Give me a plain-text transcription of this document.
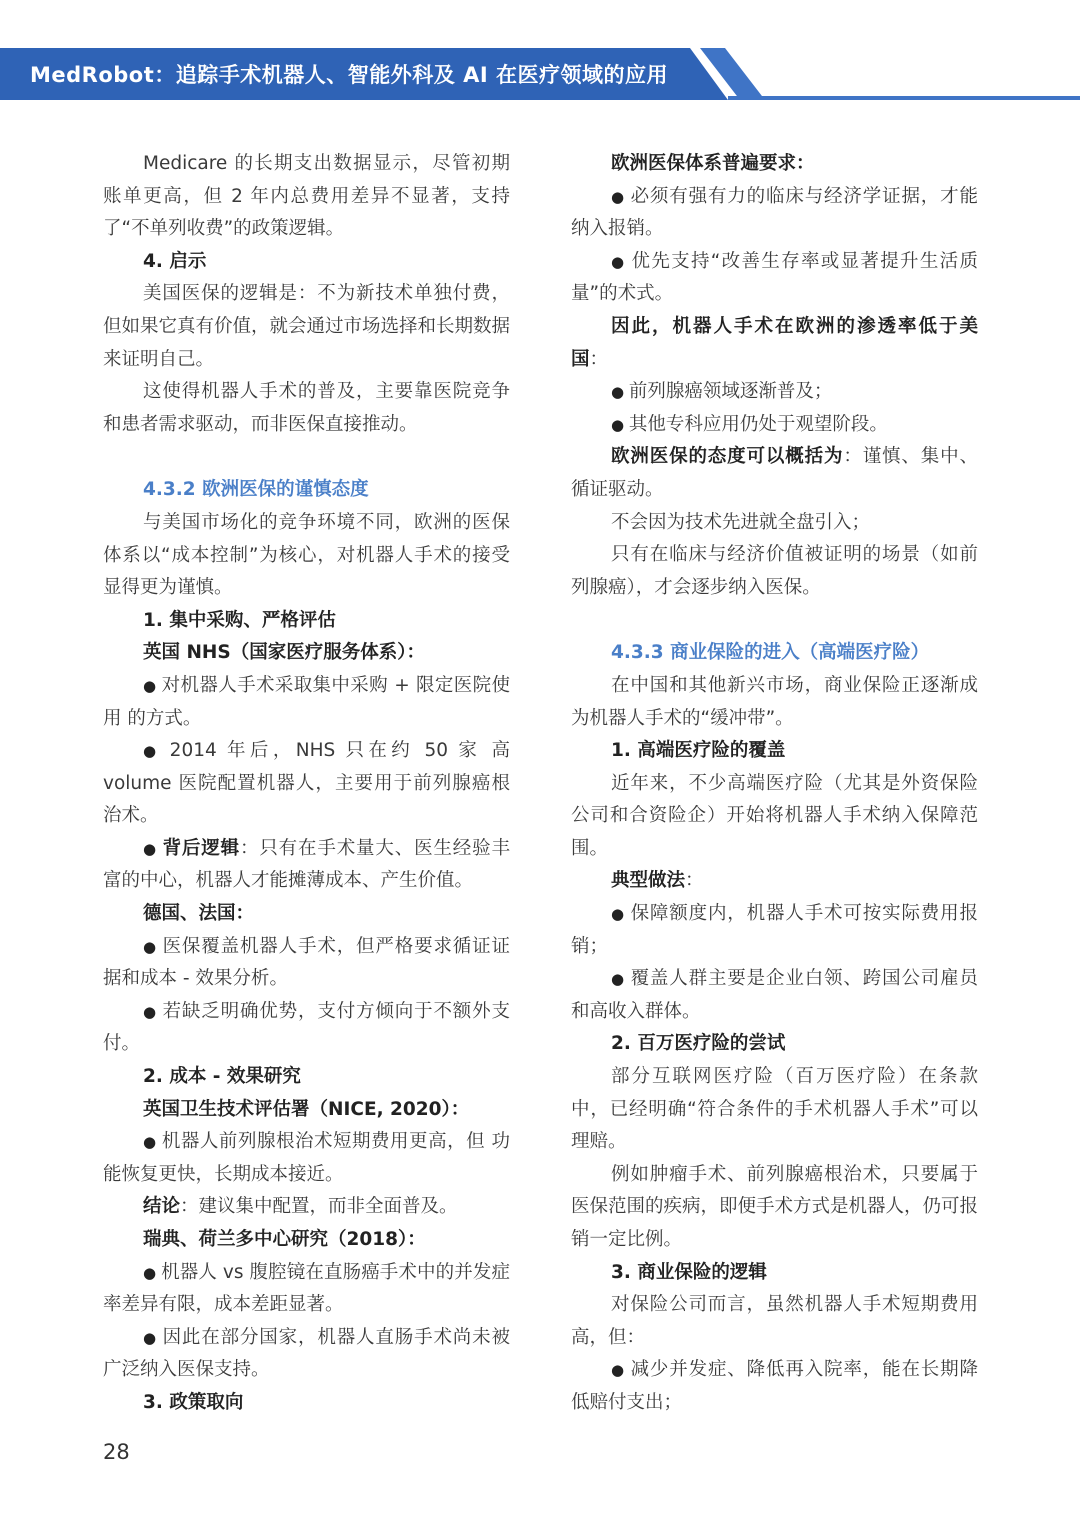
MedRobot：追踪手术机器人、智能外科及 AI 在医疗领域的应用

Medicare 的长期支出数据显示，尽管初期账单更高，但 2 年内总费用差异不显著，支持了“不单列收费”的政策逻辑。

4. 启示

美国医保的逻辑是：不为新技术单独付费，但如果它真有价值，就会通过市场选择和长期数据来证明自己。

这使得机器人手术的普及，主要靠医院竞争和患者需求驱动，而非医保直接推动。

4.3.2 欧洲医保的谨慎态度

与美国市场化的竞争环境不同，欧洲的医保体系以“成本控制”为核心，对机器人手术的接受显得更为谨慎。

1. 集中采购、严格评估

英国 NHS（国家医疗服务体系）：

● 对机器人手术采取集中采购 + 限定医院使用 的方式。

● 2014 年后，NHS 只在约 50 家 高 volume 医院配置机器人，主要用于前列腺癌根治术。

● 背后逻辑：只有在手术量大、医生经验丰富的中心，机器人才能摊薄成本、产生价值。

德国、法国：

● 医保覆盖机器人手术，但严格要求循证证据和成本 - 效果分析。

● 若缺乏明确优势，支付方倾向于不额外支付。

2. 成本 - 效果研究

英国卫生技术评估署（NICE, 2020）：

● 机器人前列腺根治术短期费用更高，但 功能恢复更快，长期成本接近。

结论：建议集中配置，而非全面普及。

瑞典、荷兰多中心研究（2018）：

● 机器人 vs 腹腔镜在直肠癌手术中的并发症率差异有限，成本差距显著。

● 因此在部分国家，机器人直肠手术尚未被广泛纳入医保支持。

3. 政策取向

欧洲医保体系普遍要求：

● 必须有强有力的临床与经济学证据，才能纳入报销。

● 优先支持“改善生存率或显著提升生活质量”的术式。

因此，机器人手术在欧洲的渗透率低于美国：

● 前列腺癌领域逐渐普及；

● 其他专科应用仍处于观望阶段。

欧洲医保的态度可以概括为：谨慎、集中、循证驱动。

不会因为技术先进就全盘引入；

只有在临床与经济价值被证明的场景（如前列腺癌），才会逐步纳入医保。

4.3.3 商业保险的进入（高端医疗险）

在中国和其他新兴市场，商业保险正逐渐成为机器人手术的“缓冲带”。

1. 高端医疗险的覆盖

近年来，不少高端医疗险（尤其是外资保险公司和合资险企）开始将机器人手术纳入保障范围。

典型做法：

● 保障额度内，机器人手术可按实际费用报销；

● 覆盖人群主要是企业白领、跨国公司雇员和高收入群体。

2. 百万医疗险的尝试

部分互联网医疗险（百万医疗险）在条款中，已经明确“符合条件的手术机器人手术”可以理赔。

例如肿瘤手术、前列腺癌根治术，只要属于医保范围的疾病，即便手术方式是机器人，仍可报销一定比例。

3. 商业保险的逻辑

对保险公司而言，虽然机器人手术短期费用高，但：

● 减少并发症、降低再入院率，能在长期降低赔付支出；

28
